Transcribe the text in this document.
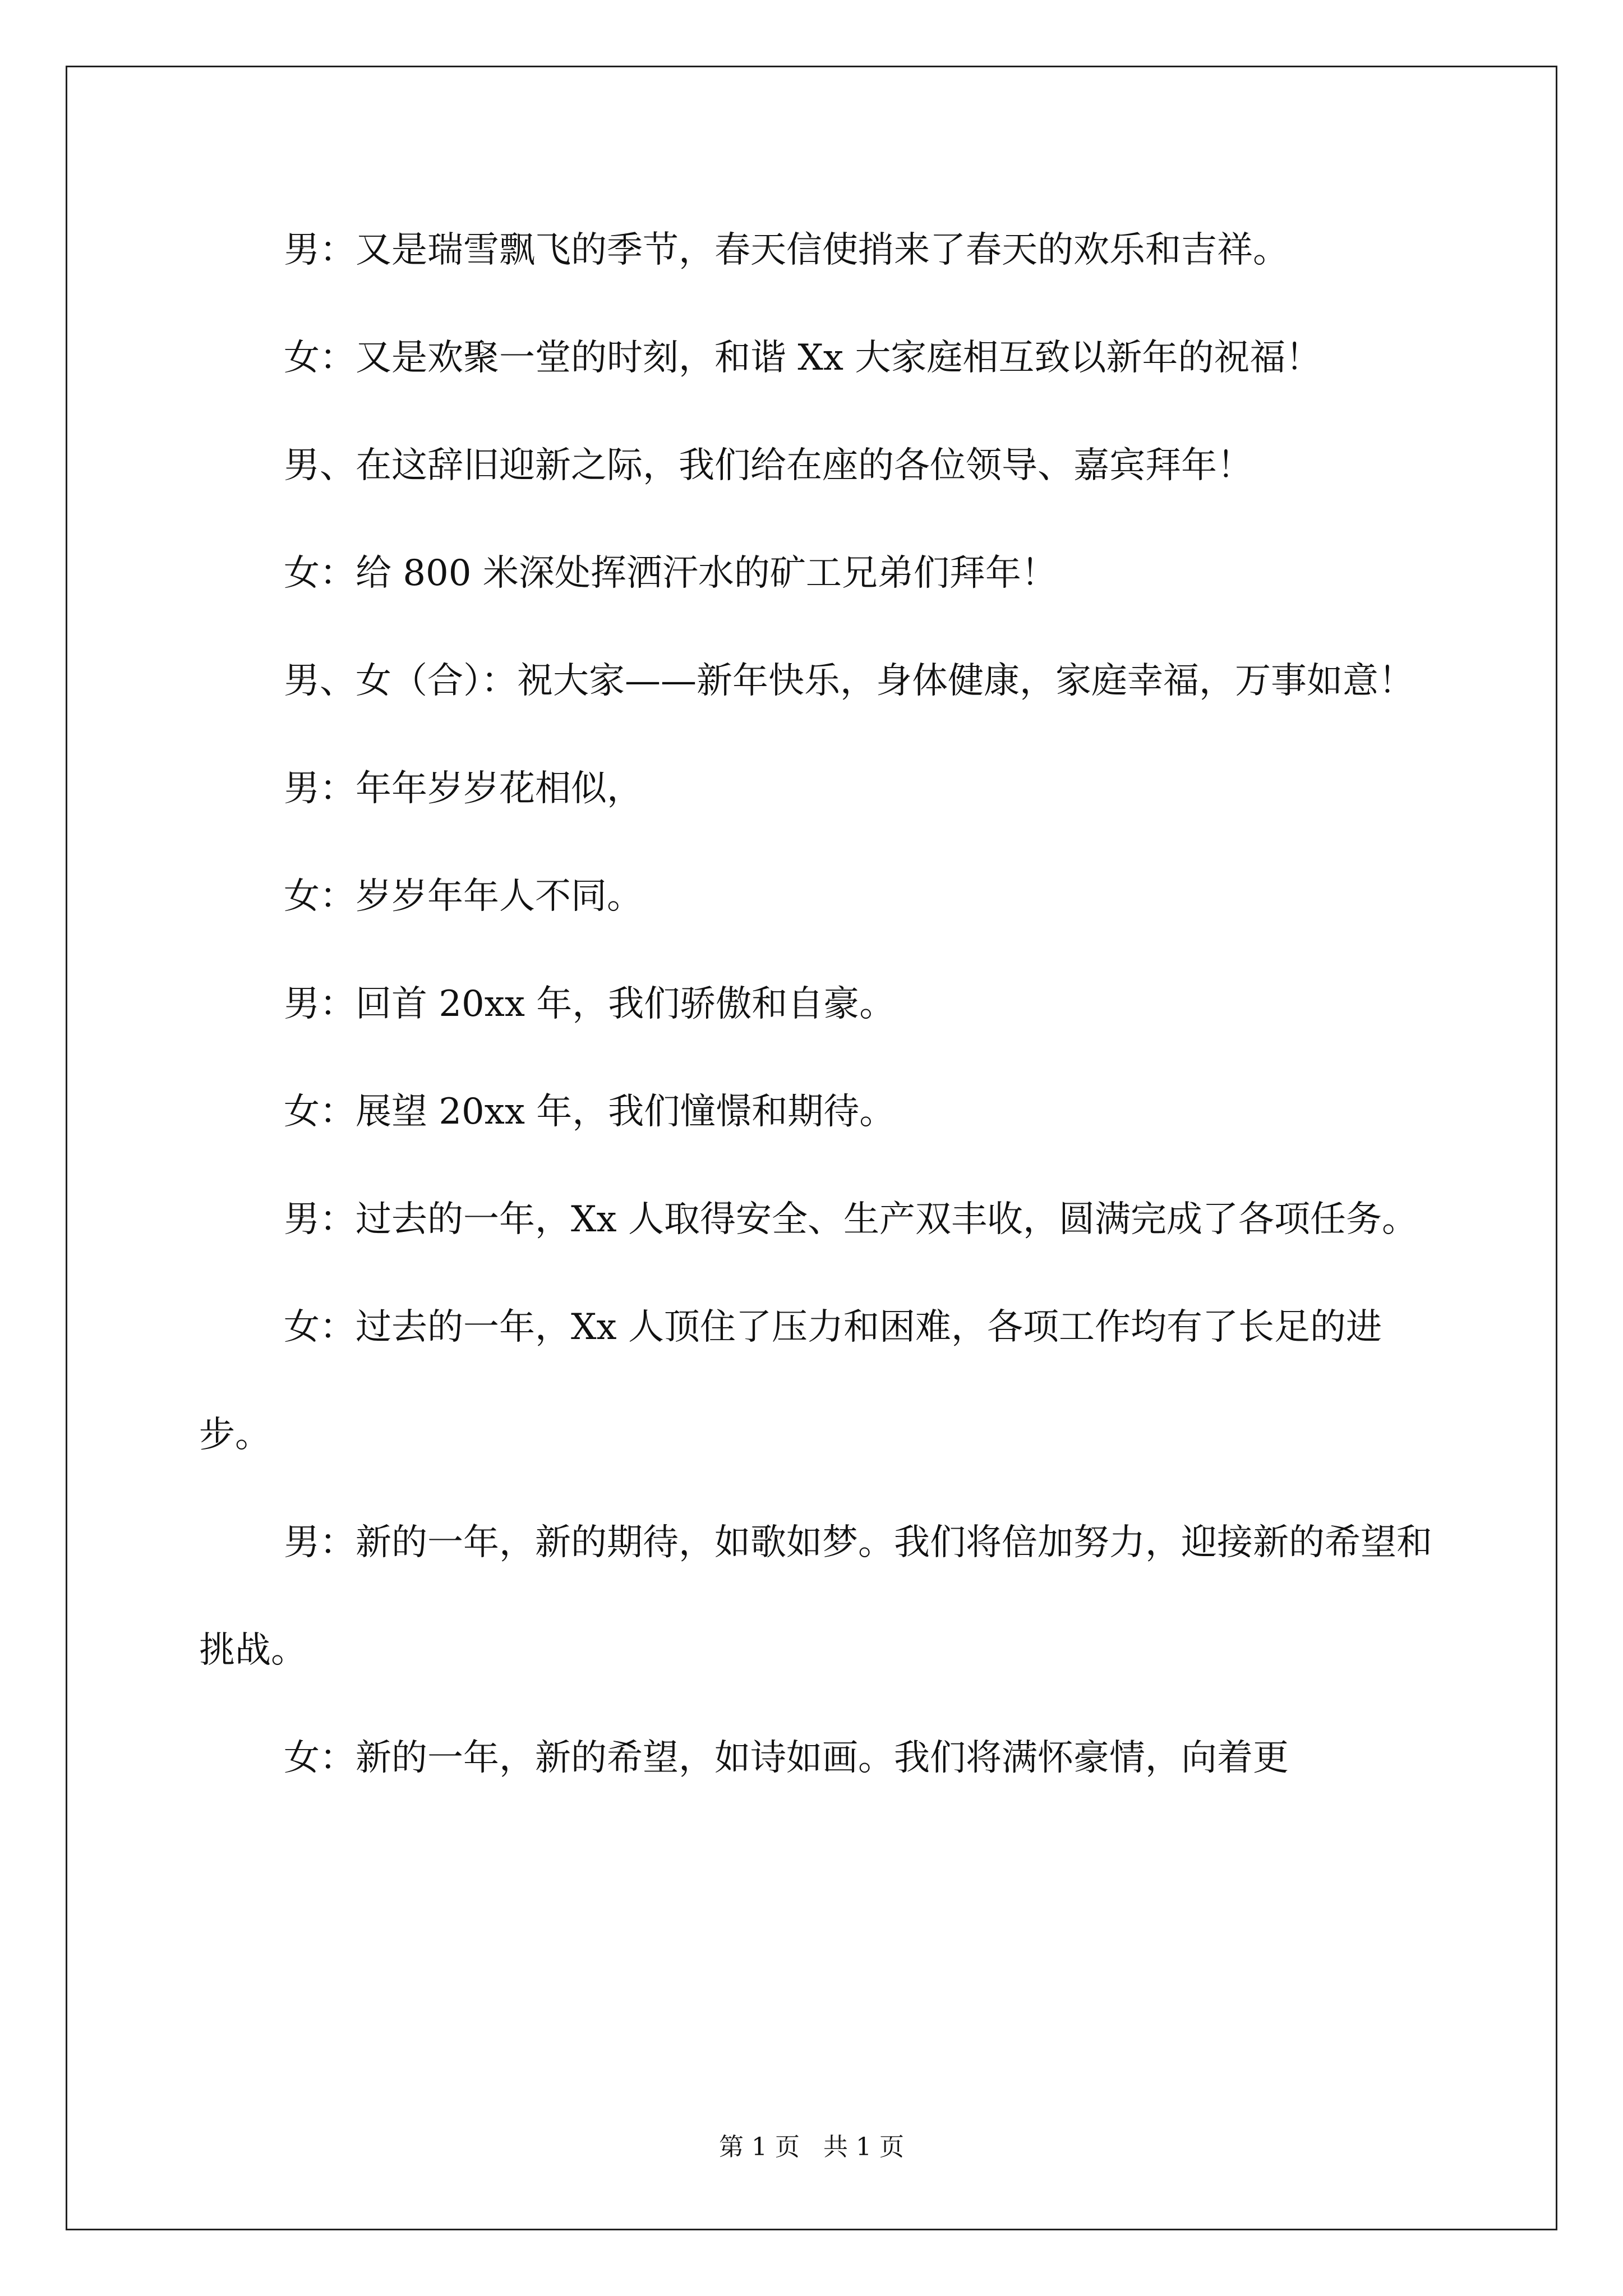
男：又是瑞雪飘飞的季节，春天信使捎来了春天的欢乐和吉祥。

女：又是欢聚一堂的时刻，和谐 Xx 大家庭相互致以新年的祝福！

男、在这辞旧迎新之际，我们给在座的各位领导、嘉宾拜年！

女：给 800 米深处挥洒汗水的矿工兄弟们拜年！

男、女（合）：祝大家——新年快乐，身体健康，家庭幸福，万事如意！

男：年年岁岁花相似，

女：岁岁年年人不同。

男：回首 20xx 年，我们骄傲和自豪。

女：展望 20xx 年，我们憧憬和期待。

男：过去的一年，Xx 人取得安全、生产双丰收，圆满完成了各项任务。

女：过去的一年，Xx 人顶住了压力和困难，各项工作均有了长足的进步。

男：新的一年，新的期待，如歌如梦。我们将倍加努力，迎接新的希望和挑战。

女：新的一年，新的希望，如诗如画。我们将满怀豪情，向着更

第 1 页   共 1 页
